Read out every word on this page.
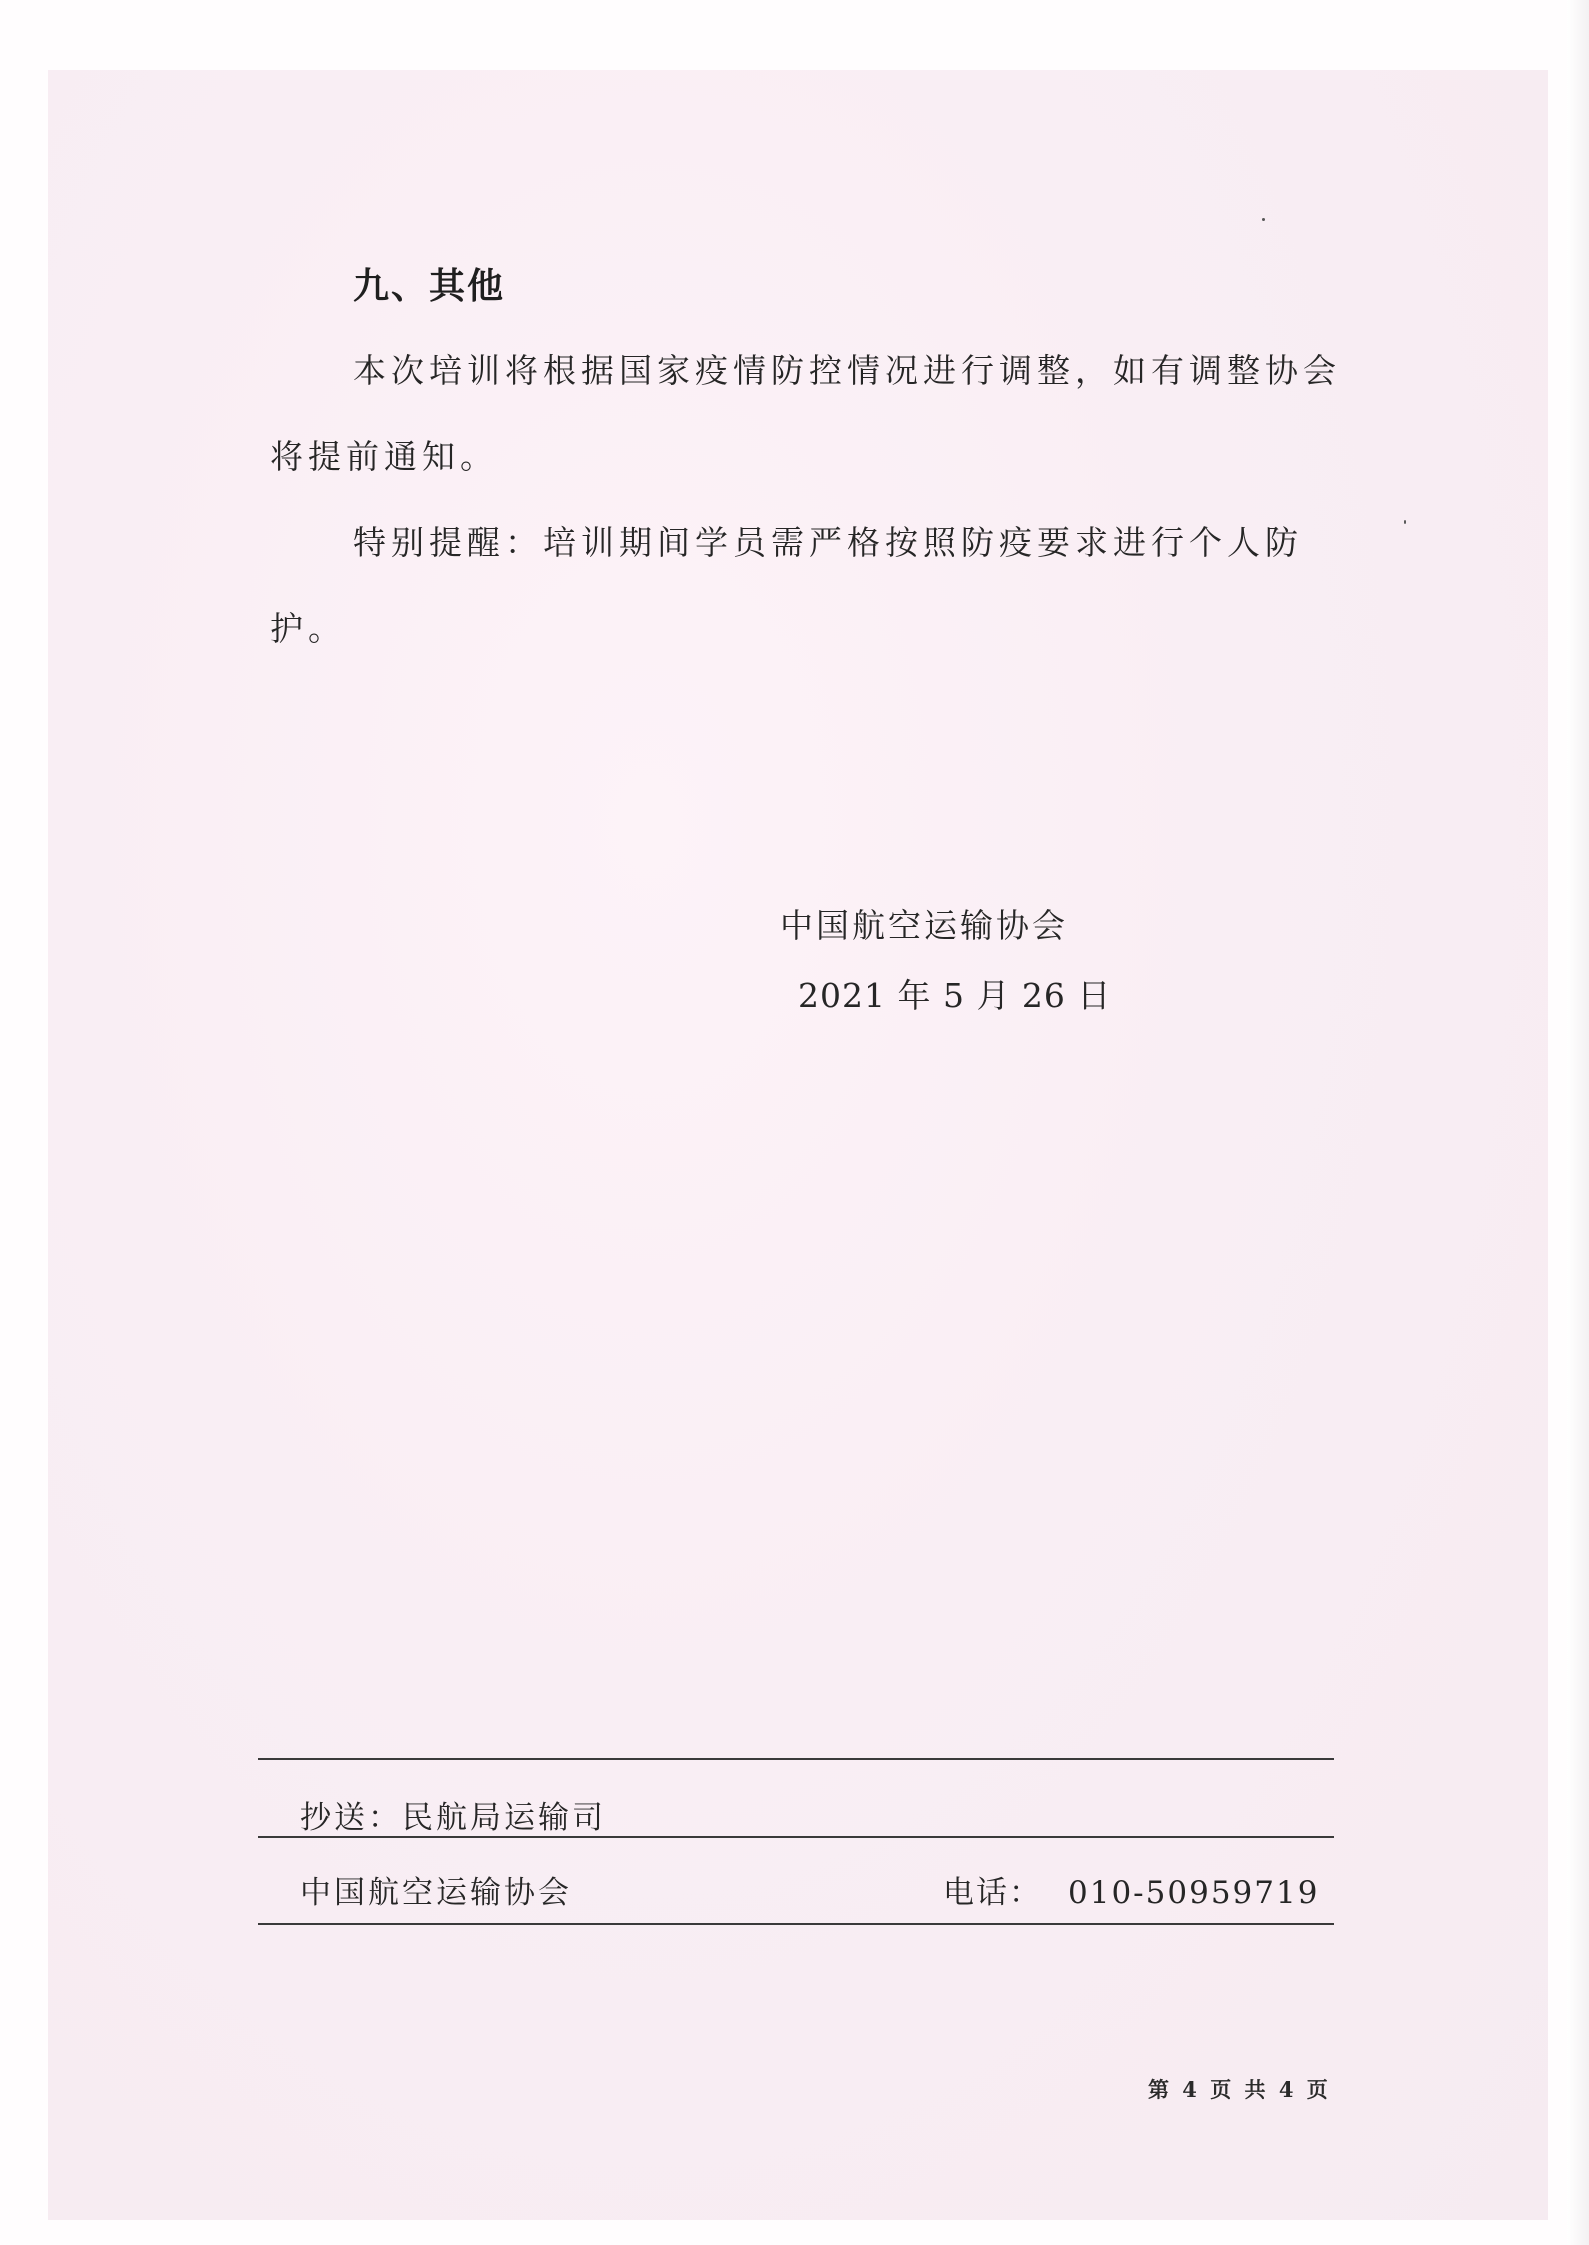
九、其他
本次培训将根据国家疫情防控情况进行调整，如有调整协会将提前通知。
特别提醒：培训期间学员需严格按照防疫要求进行个人防护。
中国航空运输协会
2021 年 5 月 26 日
抄送：民航局运输司
中国航空运输协会	电话： 010-50959719
第 4 页 共 4 页
